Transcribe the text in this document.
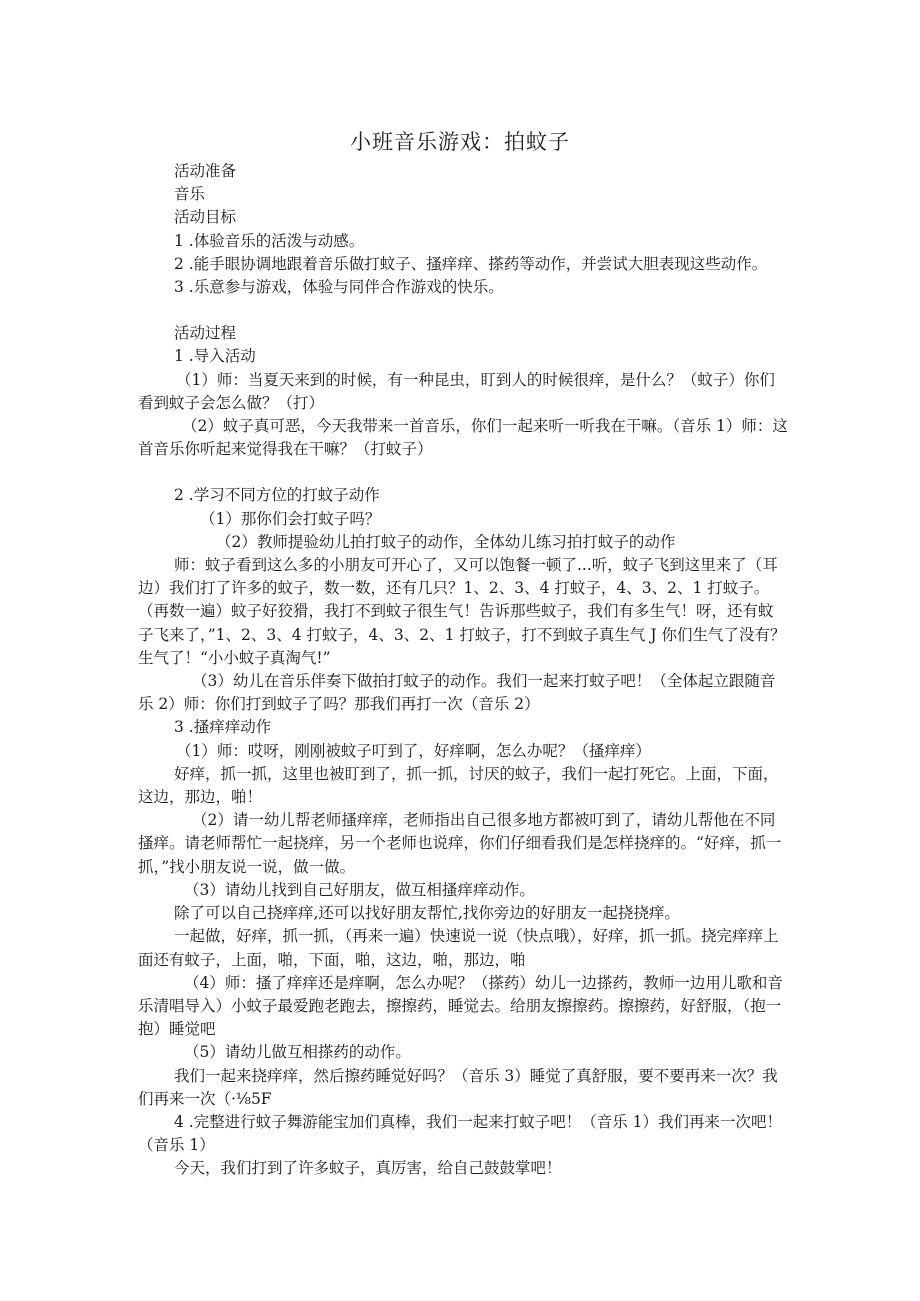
小班音乐游戏：拍蚊子

活动准备

音乐

活动目标

1 .体验音乐的活泼与动感。

2 .能手眼协调地跟着音乐做打蚊子、搔痒痒、搽药等动作，并尝试大胆表现这些动作。

3 .乐意参与游戏，体验与同伴合作游戏的快乐。

活动过程

1 .导入活动

（1）师：当夏天来到的时候，有一种昆虫，盯到人的时候很痒，是什么？（蚊子）你们看到蚊子会怎么做？（打）

（2）蚊子真可恶，今天我带来一首音乐，你们一起来听一听我在干嘛。（音乐 1）师：这首音乐你听起来觉得我在干嘛？（打蚊子）

2 .学习不同方位的打蚊子动作

（1）那你们会打蚊子吗？

（2）教师提验幼儿拍打蚊子的动作，全体幼儿练习拍打蚊子的动作

师：蚊子看到这么多的小朋友可开心了，又可以饱餐一顿了...听，蚊子飞到这里来了（耳边）我们打了许多的蚊子，数一数，还有几只？1、2、3、4 打蚊子，4、3、2、1 打蚊子。（再数一遍）蚊子好狡猾，我打不到蚊子很生气！告诉那些蚊子，我们有多生气！呀，还有蚊子飞来了，”1、2、3、4 打蚊子，4、3、2、1 打蚊子，打不到蚊子真生气 J 你们生气了没有？生气了！“小小蚊子真淘气!”

（3）幼儿在音乐伴奏下做拍打蚊子的动作。我们一起来打蚊子吧！（全体起立跟随音乐 2）师：你们打到蚊子了吗？那我们再打一次（音乐 2）

3 .搔痒痒动作

（1）师：哎呀，刚刚被蚊子叮到了，好痒啊，怎么办呢？（搔痒痒）

好痒，抓一抓，这里也被盯到了，抓一抓，讨厌的蚊子，我们一起打死它。上面，下面，这边，那边，啪！

（2）请一幼儿帮老师搔痒痒，老师指出自己很多地方都被叮到了，请幼儿帮他在不同搔痒。请老师帮忙一起挠痒，另一个老师也说痒，你们仔细看我们是怎样挠痒的。“好痒，抓一抓，”找小朋友说一说，做一做。

（3）请幼儿找到自己好朋友，做互相搔痒痒动作。

除了可以自己挠痒痒,还可以找好朋友帮忙,找你旁边的好朋友一起挠挠痒。

一起做，好痒，抓一抓，（再来一遍）快速说一说（快点哦），好痒，抓一抓。挠完痒痒上面还有蚊子，上面，啪，下面，啪，这边，啪，那边，啪

（4）师：搔了痒痒还是痒啊，怎么办呢？（搽药）幼儿一边搽药，教师一边用儿歌和音乐清唱导入）小蚊子最爱跑老跑去，擦擦药，睡觉去。给朋友擦擦药。擦擦药，好舒服，（抱一抱）睡觉吧

（5）请幼儿做互相搽药的动作。

我们一起来挠痒痒，然后擦药睡觉好吗？（音乐 3）睡觉了真舒服，要不要再来一次？我们再来一次（·⅛5F

4 .完整进行蚊子舞游能宝加们真棒，我们一起来打蚊子吧！（音乐 1）我们再来一次吧！（音乐 1）

今天，我们打到了许多蚊子，真厉害，给自己鼓鼓掌吧！
